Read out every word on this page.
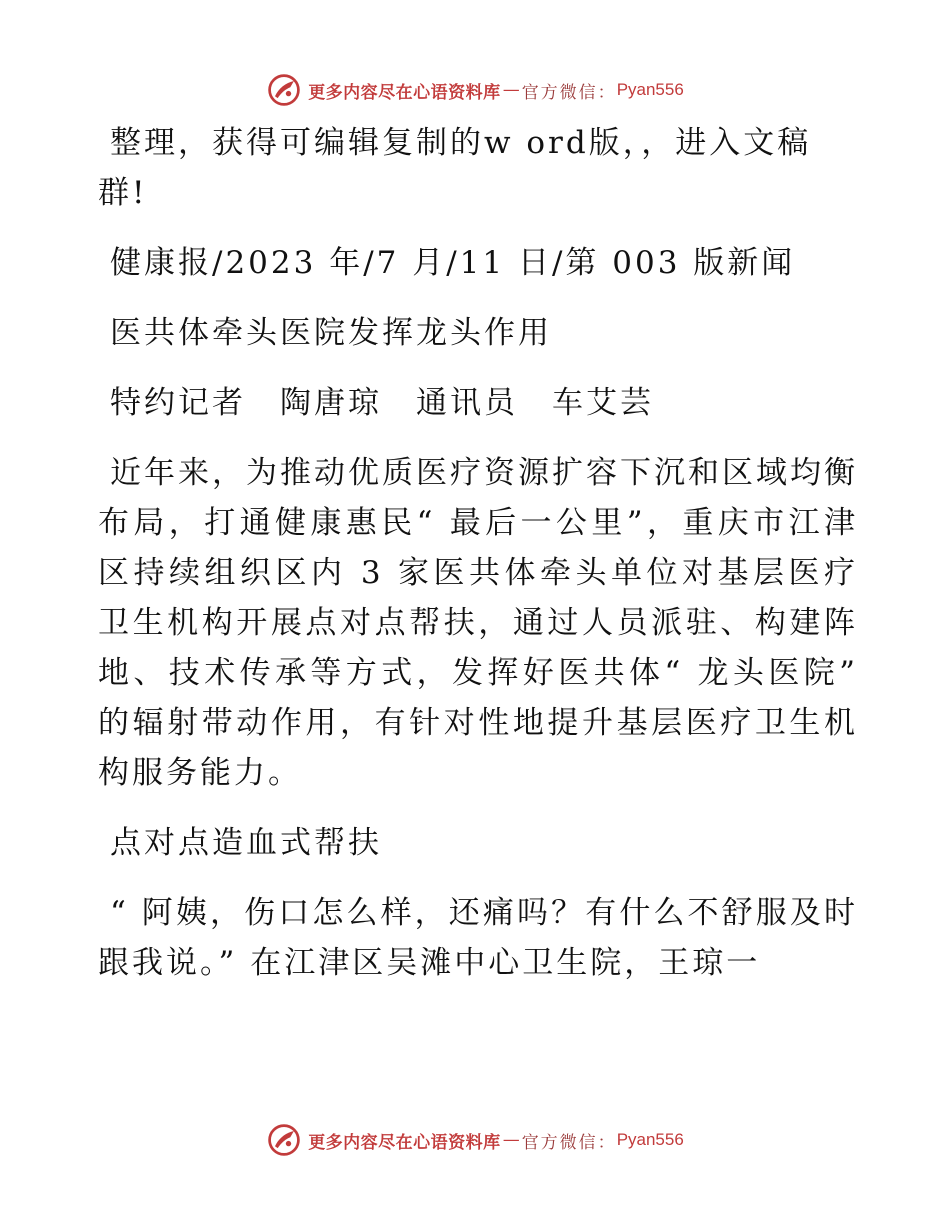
更多内容尽在心语资料库 — 官方微信： Pyan556

整理，获得可编辑复制的w ord版，，进入文稿群!

健康报/2023 年/7 月/11 日/第 003 版新闻

医共体牵头医院发挥龙头作用

特约记者　陶唐琼　通讯员　车艾芸

近年来，为推动优质医疗资源扩容下沉和区域均衡布局，打通健康惠民“ 最后一公里”，重庆市江津区持续组织区内 3 家医共体牵头单位对基层医疗卫生机构开展点对点帮扶，通过人员派驻、构建阵地、技术传承等方式，发挥好医共体“ 龙头医院” 的辐射带动作用，有针对性地提升基层医疗卫生机构服务能力。

点对点造血式帮扶

“ 阿姨，伤口怎么样，还痛吗？有什么不舒服及时跟我说。” 在江津区吴滩中心卫生院，王琼一

更多内容尽在心语资料库 — 官方微信： Pyan556
